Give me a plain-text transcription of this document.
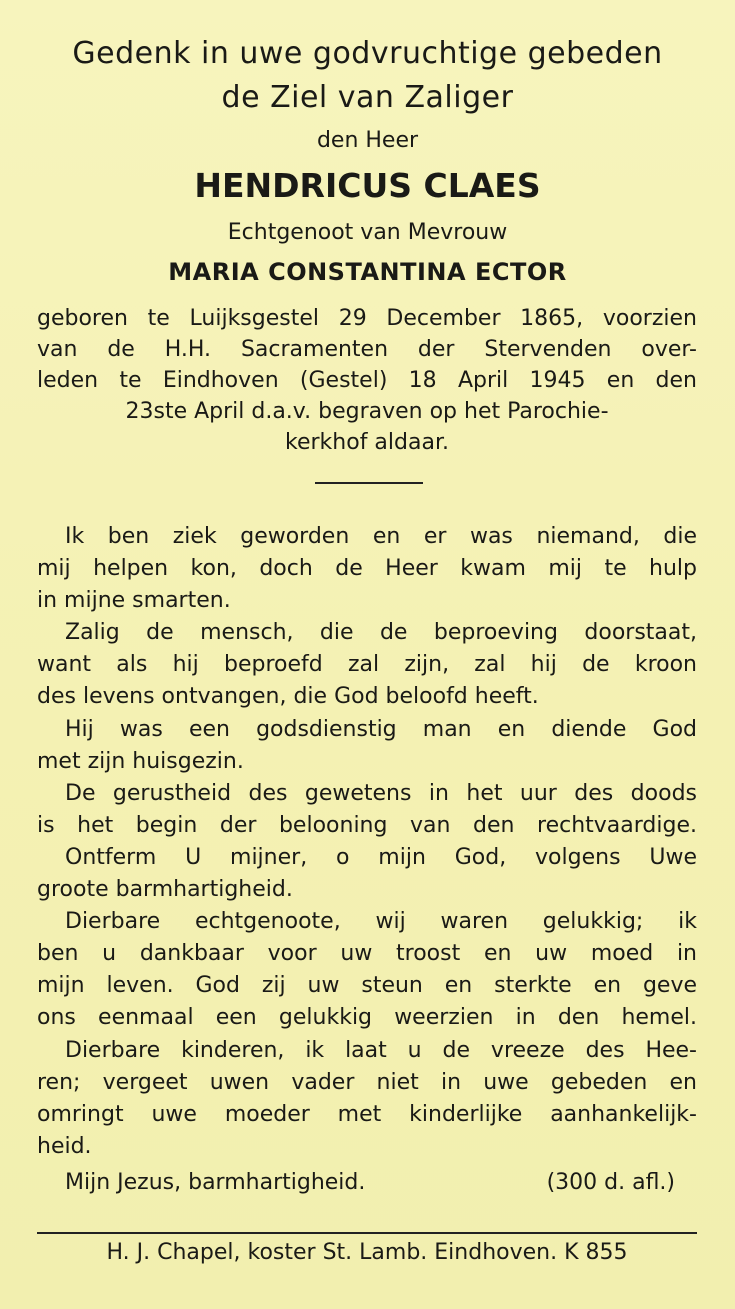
Gedenk in uwe godvruchtige gebeden
de Ziel van Zaliger
den Heer
HENDRICUS CLAES
Echtgenoot van Mevrouw
MARIA CONSTANTINA ECTOR
geboren te Luijksgestel 29 December 1865, voorzien
van de H.H. Sacramenten der Stervenden over-
leden te Eindhoven (Gestel) 18 April 1945 en den
23ste April d.a.v. begraven op het Parochie-
kerkhof aldaar.
Ik ben ziek geworden en er was niemand, die
mij helpen kon, doch de Heer kwam mij te hulp
in mijne smarten.
Zalig de mensch, die de beproeving doorstaat,
want als hij beproefd zal zijn, zal hij de kroon
des levens ontvangen, die God beloofd heeft.
Hij was een godsdienstig man en diende God
met zijn huisgezin.
De gerustheid des gewetens in het uur des doods
is het begin der belooning van den rechtvaardige.
Ontferm U mijner, o mijn God, volgens Uwe
groote barmhartigheid.
Dierbare echtgenoote, wij waren gelukkig; ik
ben u dankbaar voor uw troost en uw moed in
mijn leven. God zij uw steun en sterkte en geve
ons eenmaal een gelukkig weerzien in den hemel.
Dierbare kinderen, ik laat u de vreeze des Hee-
ren; vergeet uwen vader niet in uwe gebeden en
omringt uwe moeder met kinderlijke aanhankelijk-
heid.
Mijn Jezus, barmhartigheid.	(300 d. afl.)
H. J. Chapel, koster St. Lamb. Eindhoven. K 855
